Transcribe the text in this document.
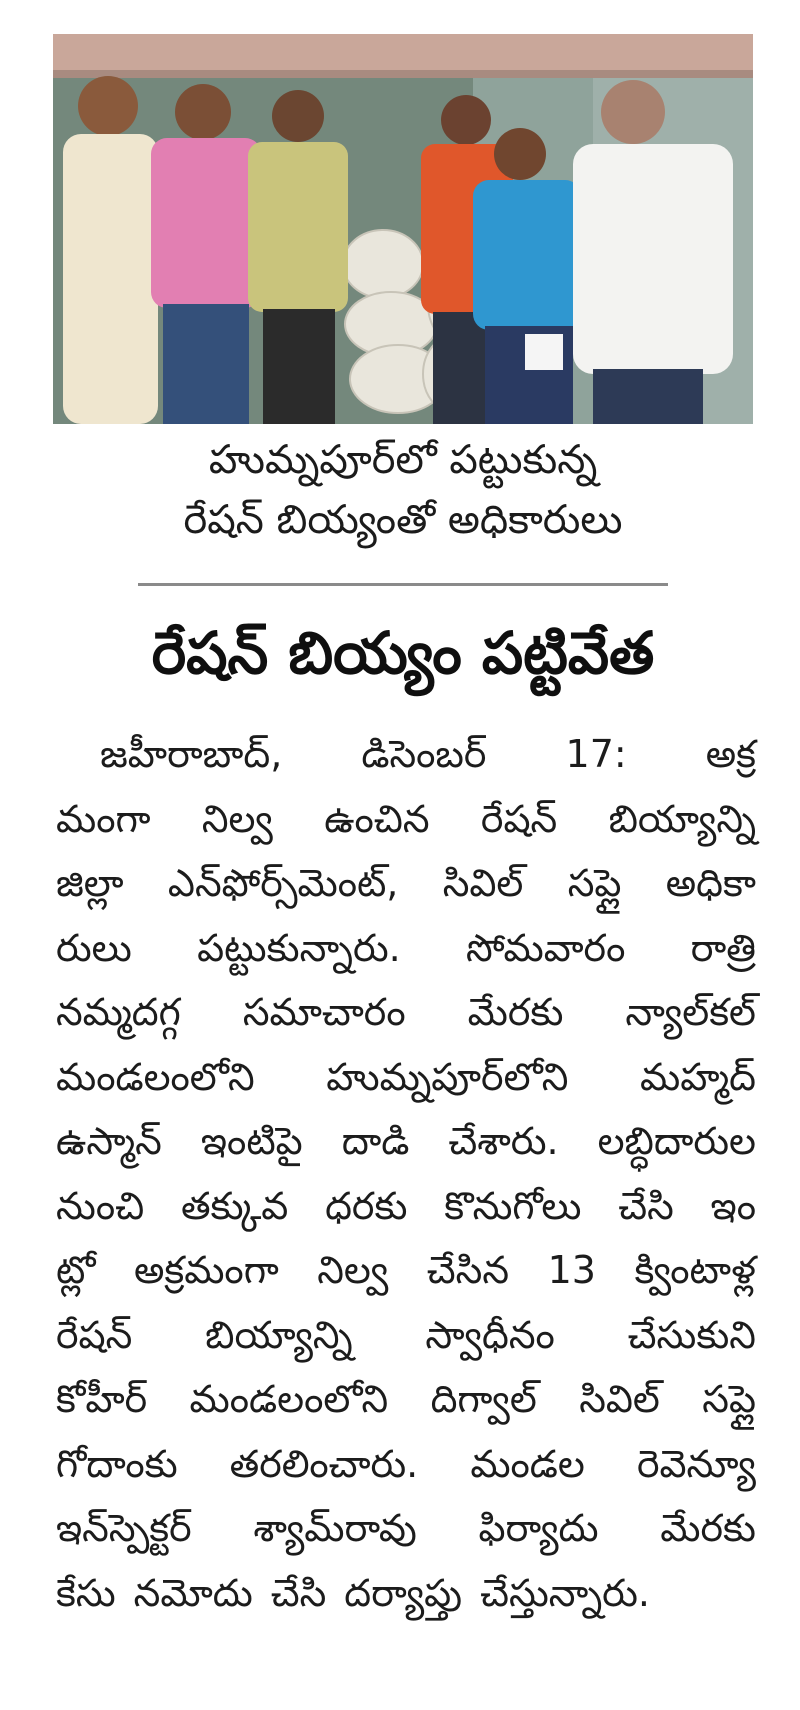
హుమ్నపూర్‌లో పట్టుకున్న
రేషన్ బియ్యంతో అధికారులు
రేషన్ బియ్యం పట్టివేత
జహీరాబాద్, డిసెంబర్ 17: అక్ర
మంగా నిల్వ ఉంచిన రేషన్ బియ్యాన్ని
జిల్లా ఎన్‌ఫోర్స్‌మెంట్, సివిల్ సప్లై అధికా
రులు పట్టుకున్నారు. సోమవారం రాత్రి
నమ్మదగ్గ సమాచారం మేరకు న్యాల్‌కల్
మండలంలోని హుమ్నపూర్‌లోని మహ్మద్
ఉస్మాన్ ఇంటిపై దాడి చేశారు. లబ్ధిదారుల
నుంచి తక్కువ ధరకు కొనుగోలు చేసి ఇం
ట్లో అక్రమంగా నిల్వ చేసిన 13 క్వింటాళ్ల
రేషన్ బియ్యాన్ని స్వాధీనం చేసుకుని
కోహీర్ మండలంలోని దిగ్వాల్ సివిల్ సప్లై
గోదాంకు తరలించారు. మండల రెవెన్యూ
ఇన్‌స్పెక్టర్ శ్యామ్‌రావు ఫిర్యాదు మేరకు
కేసు నమోదు చేసి దర్యాప్తు చేస్తున్నారు.
